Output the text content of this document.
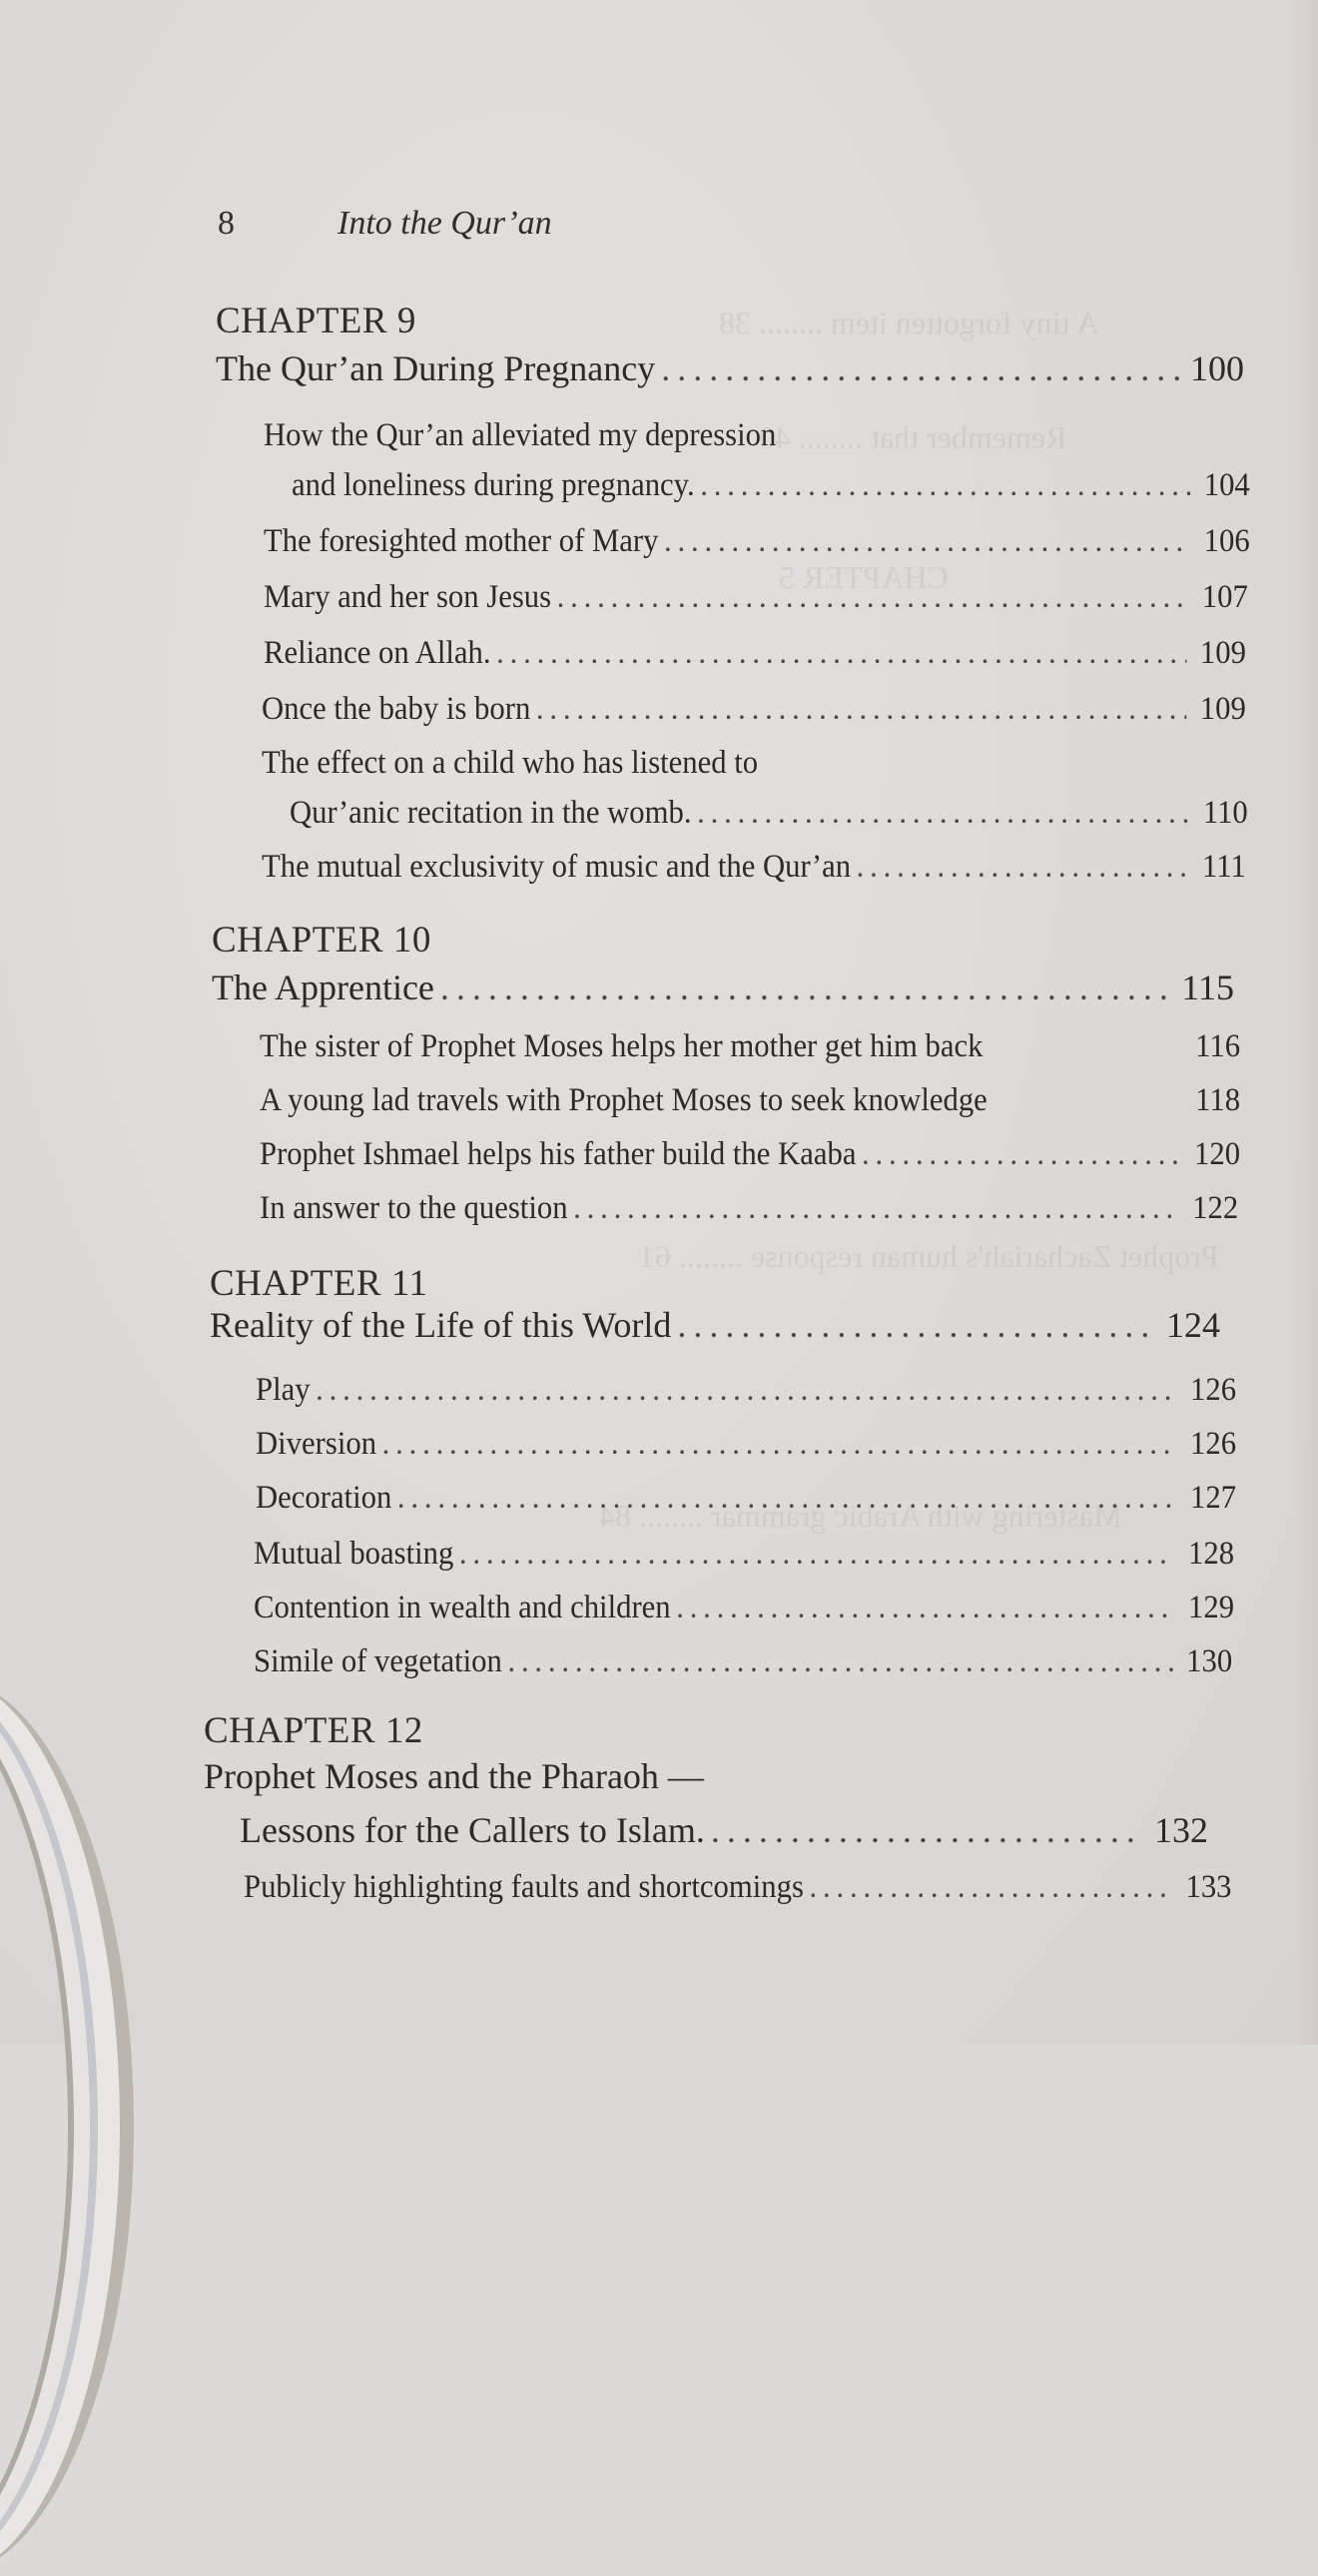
A tiny forgotten item ........ 38
Remember that ........ 40
CHAPTER 5
Prophet Zachariah's human response ........ 61
Mastering with Arabic grammar ........ 84
8	Into the Qur’an
CHAPTER 9
The Qur’an During Pregnancy . . .	100
How the Qur’an alleviated my depression
and loneliness during pregnancy. . . .	104
The foresighted mother of Mary . . .	106
Mary and her son Jesus . . .	107
Reliance on Allah. . . .	109
Once the baby is born . . .	109
The effect on a child who has listened to
Qur’anic recitation in the womb. . . .	110
The mutual exclusivity of music and the Qur’an . . .	111
CHAPTER 10
The Apprentice . . .	115
The sister of Prophet Moses helps her mother get him back	116
A young lad travels with Prophet Moses to seek knowledge	118
Prophet Ishmael helps his father build the Kaaba . . .	120
In answer to the question . . .	122
CHAPTER 11
Reality of the Life of this World . . .	124
Play . . .	126
Diversion . . .	126
Decoration . . .	127
Mutual boasting . . .	128
Contention in wealth and children . . .	129
Simile of vegetation . . .	130
CHAPTER 12
Prophet Moses and the Pharaoh —
Lessons for the Callers to Islam. . . .	132
Publicly highlighting faults and shortcomings . . .	133
